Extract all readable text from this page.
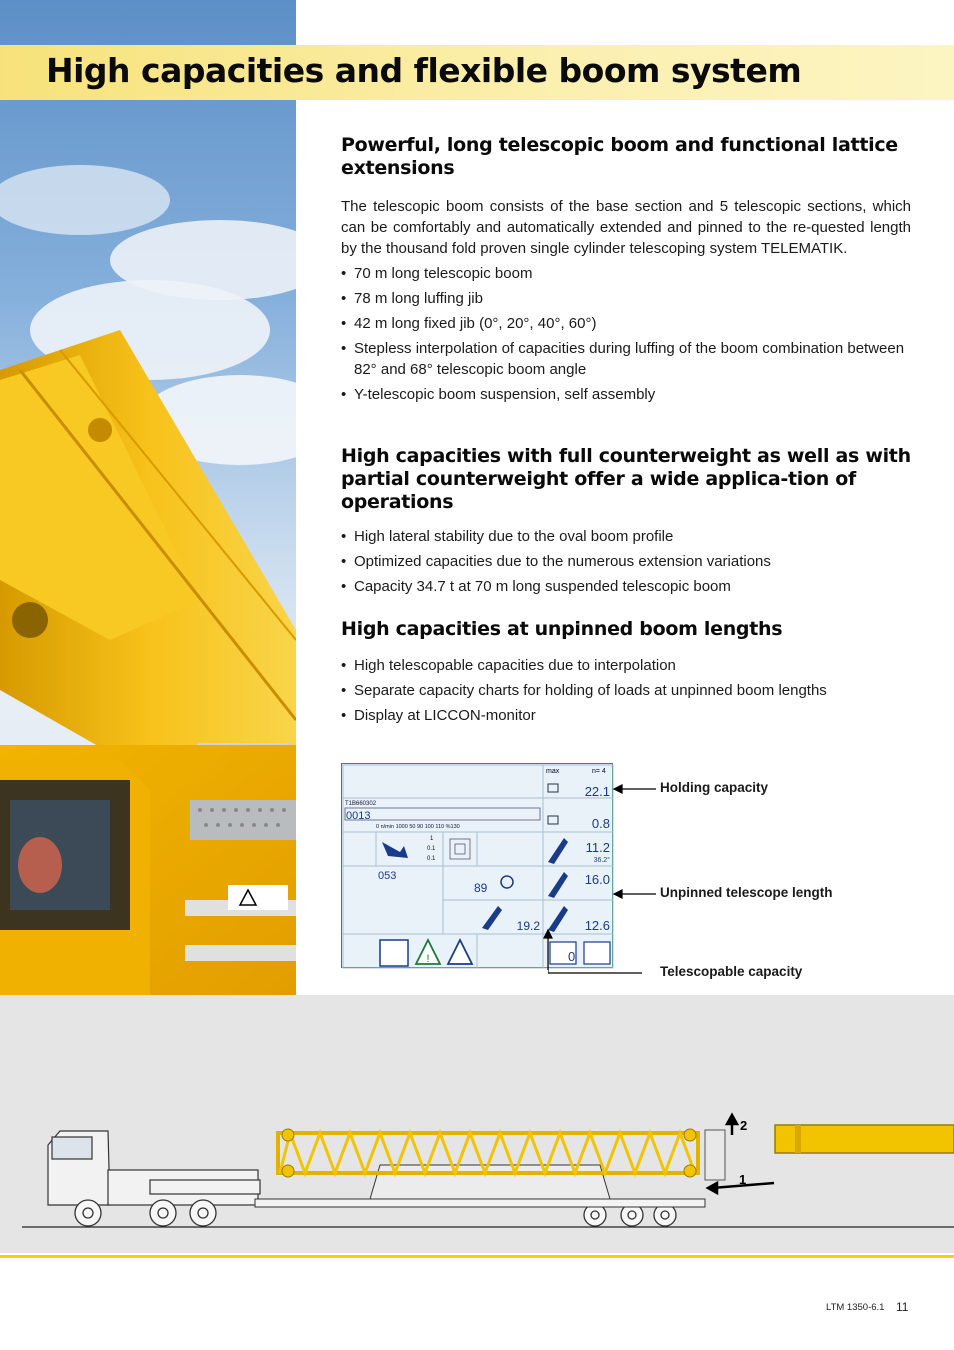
High capacities and flexible boom system
Powerful, long telescopic boom and functional lattice extensions

The telescopic boom consists of the base section and 5 telescopic sections, which can be comfortably and automatically extended and pinned to the re-quested length by the thousand fold proven single cylinder telescoping system TELEMATIK.

• 70 m long telescopic boom
• 78 m long luffing jib
• 42 m long fixed jib (0°, 20°, 40°, 60°)
• Stepless interpolation of capacities during luffing of the boom combination between 82° and 68° telescopic boom angle
• Y-telescopic boom suspension, self assembly
High capacities with full counterweight as well as with partial counterweight offer a wide applica-tion of operations
• High lateral stability due to the oval boom profile
• Optimized capacities due to the numerous extension variations
• Capacity 34.7 t at 70 m long suspended telescopic boom
High capacities at unpinned boom lengths
• High telescopable capacities due to interpolation
• Separate capacity charts for holding of loads at unpinned boom lengths
• Display at LICCON-monitor
max	n= 4
22.1
0.8
11.2
36.2°
16.0
12.6
T1B660302
0013
0 n/min 1000 50 90 100 110 %130
1
0.1
0.1
053
89
19.2
!	0
Holding capacity
Unpinned telescope length
Telescopable capacity
2
1
LTM 1350-6.1 11
